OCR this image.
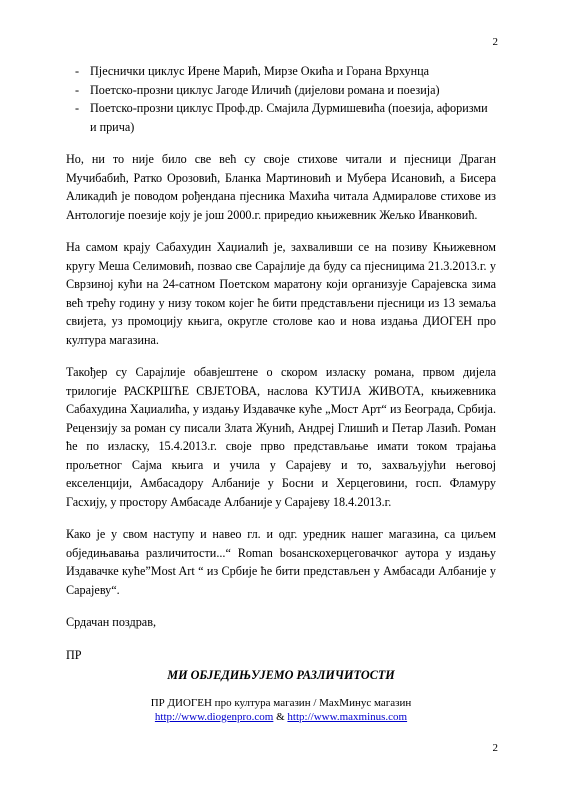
2
- Пјеснички циклус Ирене Марић, Мирзе Окића и Горана Врхунца
- Поетско-прозни циклус Јагоде Иличић (дијелови романа и поезија)
- Поетско-прозни циклус Проф.др. Смајила Дурмишевића (поезија, афоризми и прича)

Но, ни то није било све већ су своје стихове читали и пјесници Драган Мучибабић, Ратко Орозовић, Бланка Мартиновић и Мубера Исановић, а Бисера Аликадић је поводом рођендана пјесника Махића читала Адмиралове стихове из Антологије поезије коју је још 2000.г. приредио књижевник Жељко Иванковић.

На самом крају Сабахудин Хаџиалић је, захваливши се на позиву Књижевном кругу Меша Селимовић, позвао све Сарајлије да буду са пјесницима 21.3.2013.г. у Сврзиној кући на 24-сатном Поетском маратону који организује Сарајевска зима већ трећу годину у низу током којег ће бити представљени пјесници из 13 земаља свијета, уз промоцију књига, округле столове као и нова издања ДИОГЕН про култура магазина.

Такођер су Сарајлије обавјештене о скором изласку романа, првом дијела трилогије РАСКРШЋЕ СВЈЕТОВА, наслова КУТИЈА ЖИВОТА, књижевника Сабахудина Хаџиалића, у издању Издавачке куће „Мост Арт“ из Београда, Србија. Рецензију за роман су писали Злата Жунић, Андреј Глишић и Петар Лазић. Роман ће по изласку, 15.4.2013.г. своје прво представљање имати током трајања прољетног Сајма књига и учила у Сарајеву и то, захваљујући његовој екселенцији, Амбасадору Албаније у Босни и Херцеговини, госп. Фламуру Гасхију, у простору Амбасаде Албаније у Сарајеву 18.4.2013.г.

Како је у свом наступу и навео гл. и одг. уредник нашег магазина, са циљем обједињавања различитости...“ Roman bosанскохерцеговачког аутора у издању Издавачке куће”Most Art “ из Србије ће бити представљен у Амбасади Албаније у Сарајеву“.

Срдачан поздрав,

ПР

МИ ОБЈЕДИЊУЈЕМО РАЗЛИЧИТОСТИ
ПР ДИОГЕН про култура магазин / МахМинус магазин
http://www.diogenpro.com & http://www.maxminus.com
2
